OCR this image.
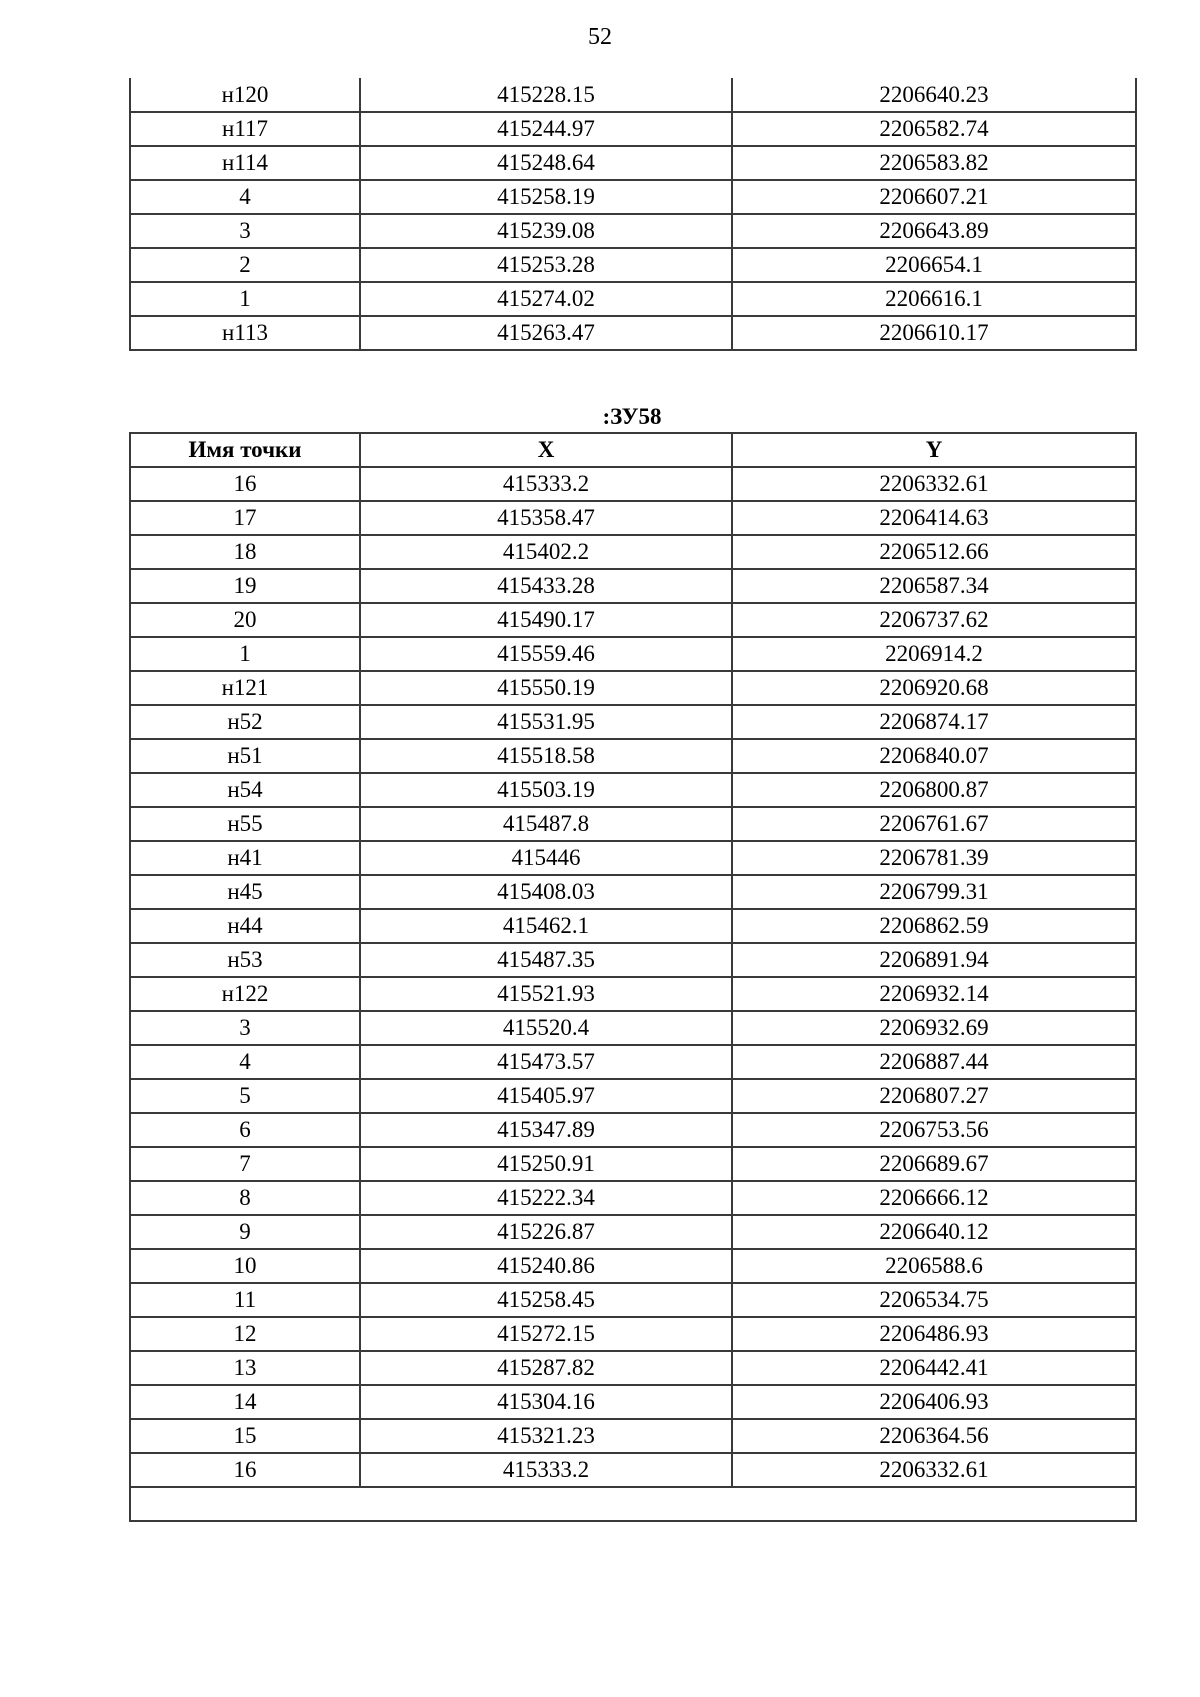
52
н120	415228.15	2206640.23
н117	415244.97	2206582.74
н114	415248.64	2206583.82
4	415258.19	2206607.21
3	415239.08	2206643.89
2	415253.28	2206654.1
1	415274.02	2206616.1
н113	415263.47	2206610.17
:ЗУ58
Имя точки	X	Y
16	415333.2	2206332.61
17	415358.47	2206414.63
18	415402.2	2206512.66
19	415433.28	2206587.34
20	415490.17	2206737.62
1	415559.46	2206914.2
н121	415550.19	2206920.68
н52	415531.95	2206874.17
н51	415518.58	2206840.07
н54	415503.19	2206800.87
н55	415487.8	2206761.67
н41	415446	2206781.39
н45	415408.03	2206799.31
н44	415462.1	2206862.59
н53	415487.35	2206891.94
н122	415521.93	2206932.14
3	415520.4	2206932.69
4	415473.57	2206887.44
5	415405.97	2206807.27
6	415347.89	2206753.56
7	415250.91	2206689.67
8	415222.34	2206666.12
9	415226.87	2206640.12
10	415240.86	2206588.6
11	415258.45	2206534.75
12	415272.15	2206486.93
13	415287.82	2206442.41
14	415304.16	2206406.93
15	415321.23	2206364.56
16	415333.2	2206332.61
